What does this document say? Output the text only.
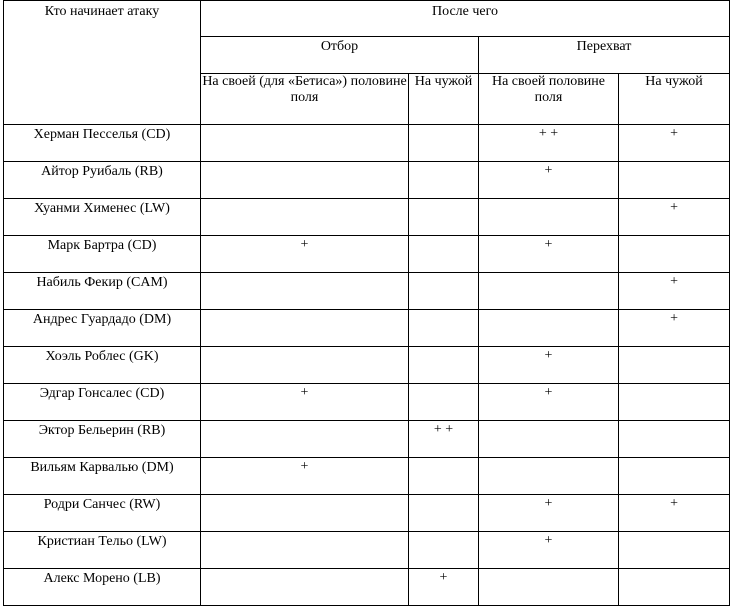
Кто начинает атаку	После чего			
	Отбор		Перехват	
	На своей (для «Бетиса») половине поля	На чужой	На своей половине поля	На чужой
Херман Песселья (CD)			+ +	+
Айтор Руибаль (RB)			+	
Хуанми Хименес (LW)				+
Марк Бартра (CD)	+		+	
Набиль Фекир (CAM)				+
Андрес Гуардадо (DM)				+
Хоэль Роблес (GK)			+	
Эдгар Гонсалес (CD)	+		+	
Эктор Бельерин (RB)		+ +		
Вильям Карвалью (DM)	+			
Родри Санчес (RW)			+	+
Кристиан Тельо (LW)			+	
Алекс Морено (LB)		+		
